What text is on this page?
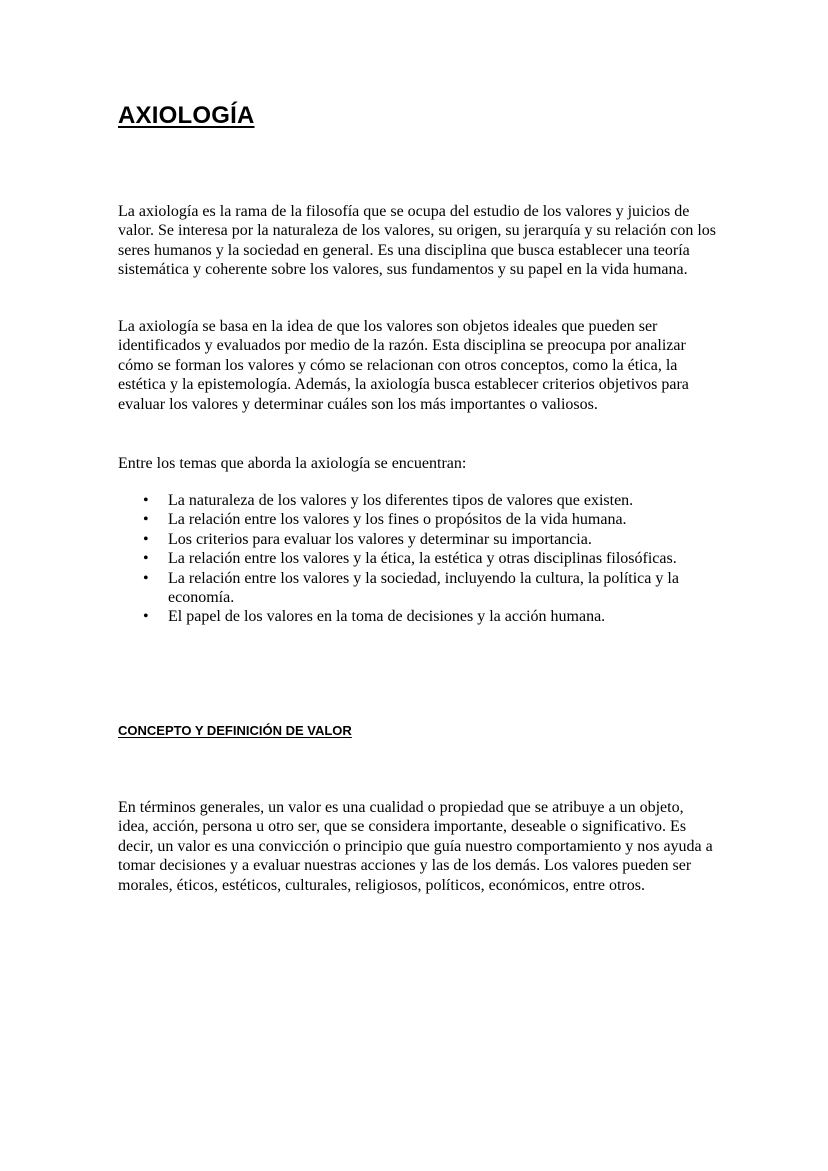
AXIOLOGÍA

La axiología es la rama de la filosofía que se ocupa del estudio de los valores y juicios de valor. Se interesa por la naturaleza de los valores, su origen, su jerarquía y su relación con los seres humanos y la sociedad en general. Es una disciplina que busca establecer una teoría sistemática y coherente sobre los valores, sus fundamentos y su papel en la vida humana.

La axiología se basa en la idea de que los valores son objetos ideales que pueden ser identificados y evaluados por medio de la razón. Esta disciplina se preocupa por analizar cómo se forman los valores y cómo se relacionan con otros conceptos, como la ética, la estética y la epistemología. Además, la axiología busca establecer criterios objetivos para evaluar los valores y determinar cuáles son los más importantes o valiosos.

Entre los temas que aborda la axiología se encuentran:

• La naturaleza de los valores y los diferentes tipos de valores que existen.
• La relación entre los valores y los fines o propósitos de la vida humana.
• Los criterios para evaluar los valores y determinar su importancia.
• La relación entre los valores y la ética, la estética y otras disciplinas filosóficas.
• La relación entre los valores y la sociedad, incluyendo la cultura, la política y la economía.
• El papel de los valores en la toma de decisiones y la acción humana.
CONCEPTO Y DEFINICIÓN DE VALOR

En términos generales, un valor es una cualidad o propiedad que se atribuye a un objeto, idea, acción, persona u otro ser, que se considera importante, deseable o significativo. Es decir, un valor es una convicción o principio que guía nuestro comportamiento y nos ayuda a tomar decisiones y a evaluar nuestras acciones y las de los demás. Los valores pueden ser morales, éticos, estéticos, culturales, religiosos, políticos, económicos, entre otros.
